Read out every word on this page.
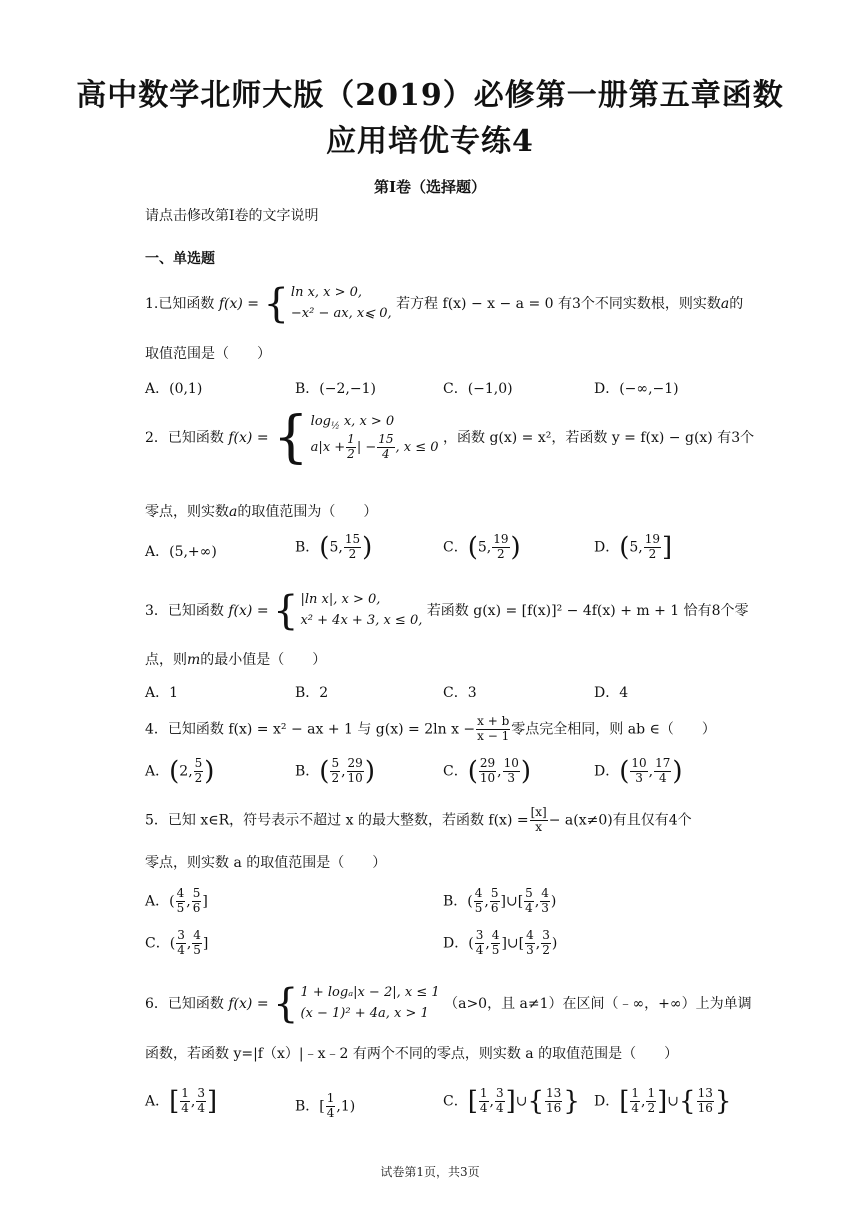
高中数学北师大版（2019）必修第一册第五章函数
应用培优专练4
第I卷（选择题）
请点击修改第I卷的文字说明
一、单选题
1.已知函数 f(x) = { ln x, x > 0,
−x² − ax, x⩽ 0, 若方程 f(x) − x − a = 0 有3个不同实数根，则实数a的
取值范围是（　　）
A．(0,1)	B．(−2,−1)	C．(−1,0)	D．(−∞,−1)
2．已知函数 f(x) = { $\log_{\frac{1}{2}} x$, x > 0
$a|x + \frac{1}{2}$ | − $\frac{15}{4}$ , x ≤ 0 ，函数 g(x) = x²，若函数 y = f(x) − g(x) 有3个
零点，则实数a的取值范围为（　　）
A．(5,+∞)	B．(5, $\frac{15}{2}$ )	C．(5, $\frac{19}{2}$ )	D．(5, $\frac{19}{2}$ ]
3．已知函数 f(x) = { |ln x|, x > 0,
x² + 4x + 3, x ≤ 0, 若函数 g(x) = [f(x)]² − 4f(x) + m + 1 恰有8个零
点，则m的最小值是（　　）
A．1	B．2	C．3	D．4
4．已知函数 f(x) = x² − ax + 1 与 g(x) = 2ln $x - \frac{x + b}{x - 1}$ 零点完全相同，则 ab ∈（　　）
A．(2, $\frac{5}{2}$ )	B．( $\frac{5}{2}$ , $\frac{29}{10}$ )	C．( $\frac{29}{10}$ , $\frac{10}{3}$ )	D．( $\frac{10}{3}$ , $\frac{17}{4}$ )
5．已知 x∈R，符号表示不超过 x 的最大整数，若函数 $f(x) = \frac{[x]}{x} - a(x\ne 0)$有且仅有4个
零点，则实数 a 的取值范围是（　　）
A．( $\frac{4}{5}$ , $\frac{5}{6}$ ]	B．( $\frac{4}{5}$ , $\frac{5}{6}$ ]∪[ $\frac{5}{4}$ , $\frac{4}{3}$ )
C．( $\frac{3}{4}$ , $\frac{4}{5}$ ]	D．( $\frac{3}{4}$ , $\frac{4}{5}$ ]∪[ $\frac{4}{3}$ , $\frac{3}{2}$ )
6．已知函数 f(x) = { 1 + logₐ|x − 2|, x ≤ 1
(x − 1)² + 4a, x > 1 （a>0，且 a≠1）在区间（﹣∞，+∞）上为单调
函数，若函数 y=|f（x）|﹣x﹣2 有两个不同的零点，则实数 a 的取值范围是（　　）
A．[ $\frac{1}{4}$ , $\frac{3}{4}$ ]	B．[ $\frac{1}{4} ,1$)	C．[ $\frac{1}{4}$ , $\frac{3}{4}$ ]∪{ $\frac{13}{16}$ } D．[ $\frac{1}{4}$ , $\frac{1}{2}$ ]∪{ $\frac{13}{16}$ }
试卷第1页，共3页
